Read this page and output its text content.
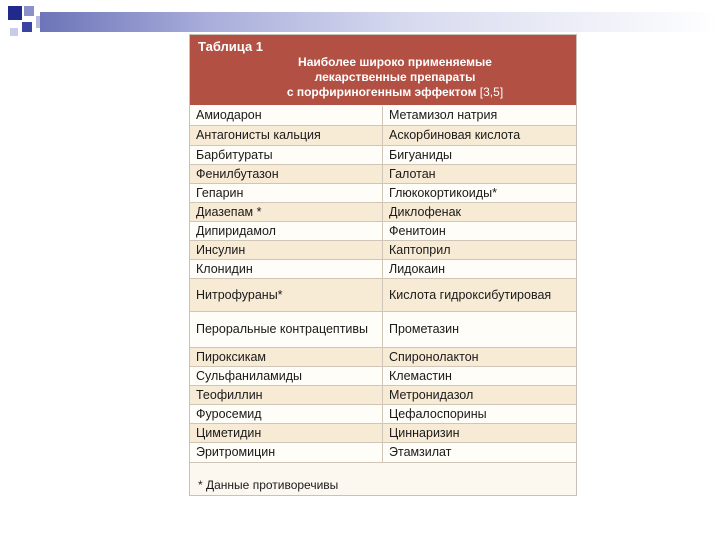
Таблица 1
Наиболее широко применяемые
лекарственные препараты
с порфириногенным эффектом [3,5]
Амиодарон	Метамизол натрия
Антагонисты кальция	Аскорбиновая кислота
Барбитураты	Бигуаниды
Фенилбутазон	Галотан
Гепарин	Глюкокортикоиды*
Диазепам *	Диклофенак
Дипиридамол	Фенитоин
Инсулин	Каптоприл
Клонидин	Лидокаин
Нитрофураны*	Кислота гидроксибутировая
Пероральные контрацептивы	Прометазин
Пироксикам	Спиронолактон
Сульфаниламиды	Клемастин
Теофиллин	Метронидазол
Фуросемид	Цефалоспорины
Циметидин	Циннаризин
Эритромицин	Этамзилат
* Данные противоречивы
